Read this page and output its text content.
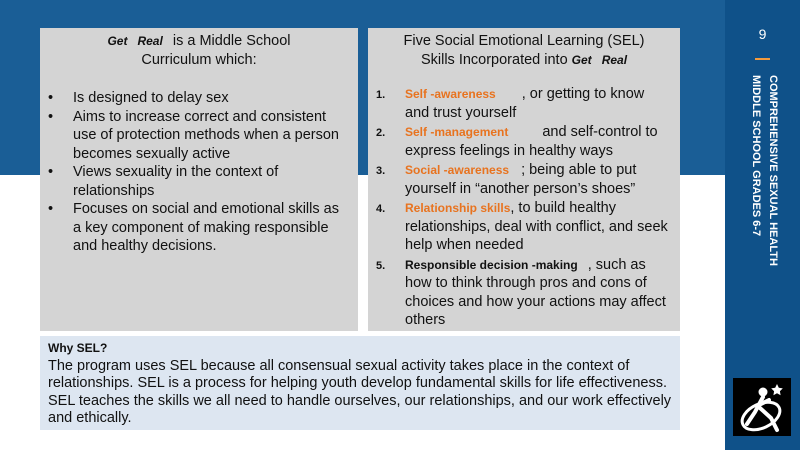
9
COMPREHENSIVE SEXUAL HEALTH
MIDDLE SCHOOL GRADES 6-7
Get Real is a Middle School
Curriculum which:
• Is designed to delay sex
• Aims to increase correct and consistent use of protection methods when a person becomes sexually active
• Views sexuality in the context of relationships
• Focuses on social and emotional skills as a key component of making responsible and healthy decisions.
Five Social Emotional Learning (SEL)
Skills Incorporated into Get Real
1. Self -awareness , or getting to know and trust yourself
2. Self -management and self-control to express feelings in healthy ways
3. Social -awareness ; being able to put yourself in “another person’s shoes”
4. Relationship skills, to build healthy relationships, deal with conflict, and seek help when needed
5. Responsible decision -making , such as how to think through pros and cons of choices and how your actions may affect others
Why SEL?
The program uses SEL because all consensual sexual activity takes place in the context of relationships. SEL is a process for helping youth develop fundamental skills for life effectiveness. SEL teaches the skills we all need to handle ourselves, our relationships, and our work effectively and ethically.
